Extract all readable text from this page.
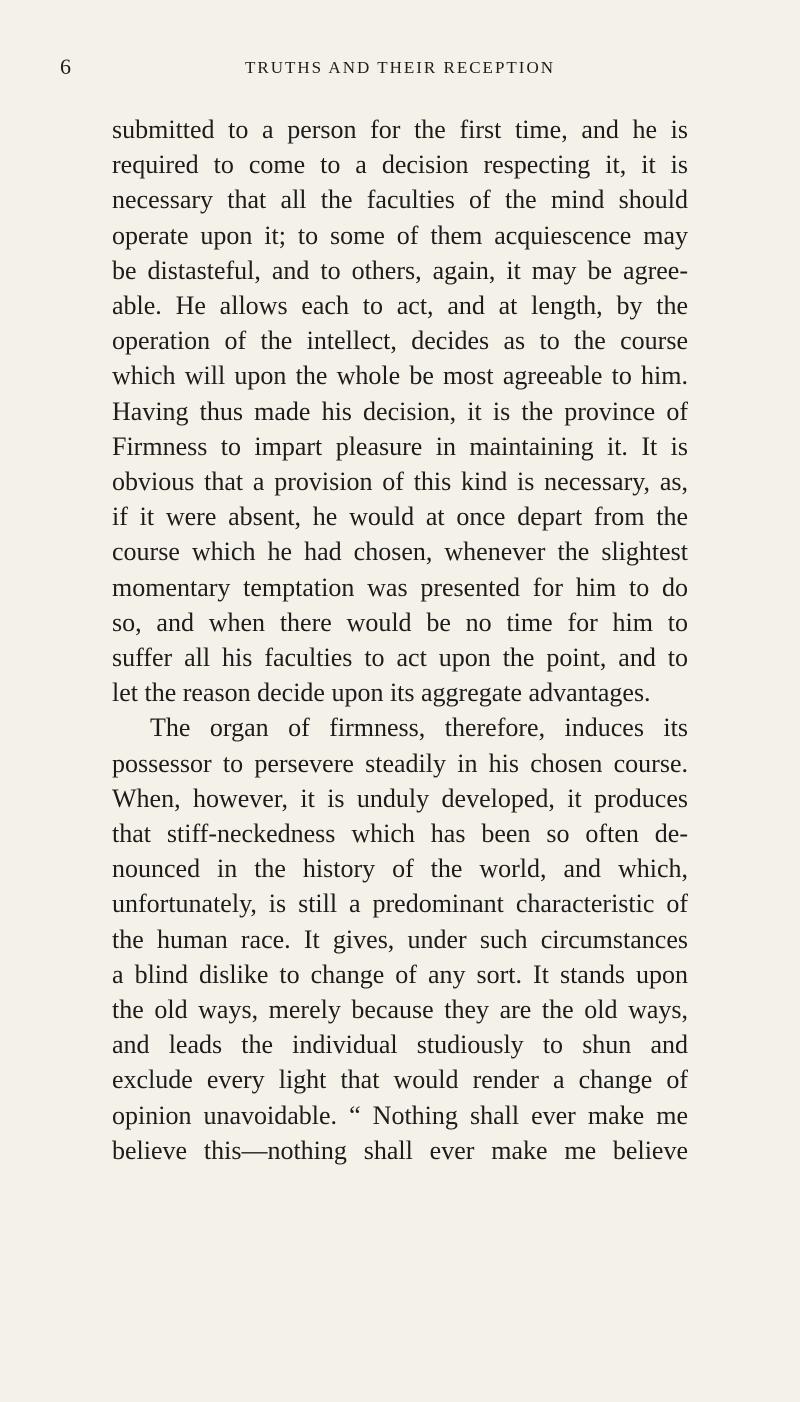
6	TRUTHS AND THEIR RECEPTION

submitted to a person for the first time, and he is
required to come to a decision respecting it, it is
necessary that all the faculties of the mind should
operate upon it; to some of them acquiescence may
be distasteful, and to others, again, it may be agree-
able. He allows each to act, and at length, by the
operation of the intellect, decides as to the course
which will upon the whole be most agreeable to him.
Having thus made his decision, it is the province of
Firmness to impart pleasure in maintaining it. It is
obvious that a provision of this kind is necessary, as,
if it were absent, he would at once depart from the
course which he had chosen, whenever the slightest
momentary temptation was presented for him to do
so, and when there would be no time for him to
suffer all his faculties to act upon the point, and to
let the reason decide upon its aggregate advantages.

The organ of firmness, therefore, induces its
possessor to persevere steadily in his chosen course.
When, however, it is unduly developed, it produces
that stiff-neckedness which has been so often de-
nounced in the history of the world, and which,
unfortunately, is still a predominant characteristic of
the human race. It gives, under such circumstances
a blind dislike to change of any sort. It stands upon
the old ways, merely because they are the old ways,
and leads the individual studiously to shun and
exclude every light that would render a change of
opinion unavoidable. “ Nothing shall ever make me
believe this—nothing shall ever make me believe
